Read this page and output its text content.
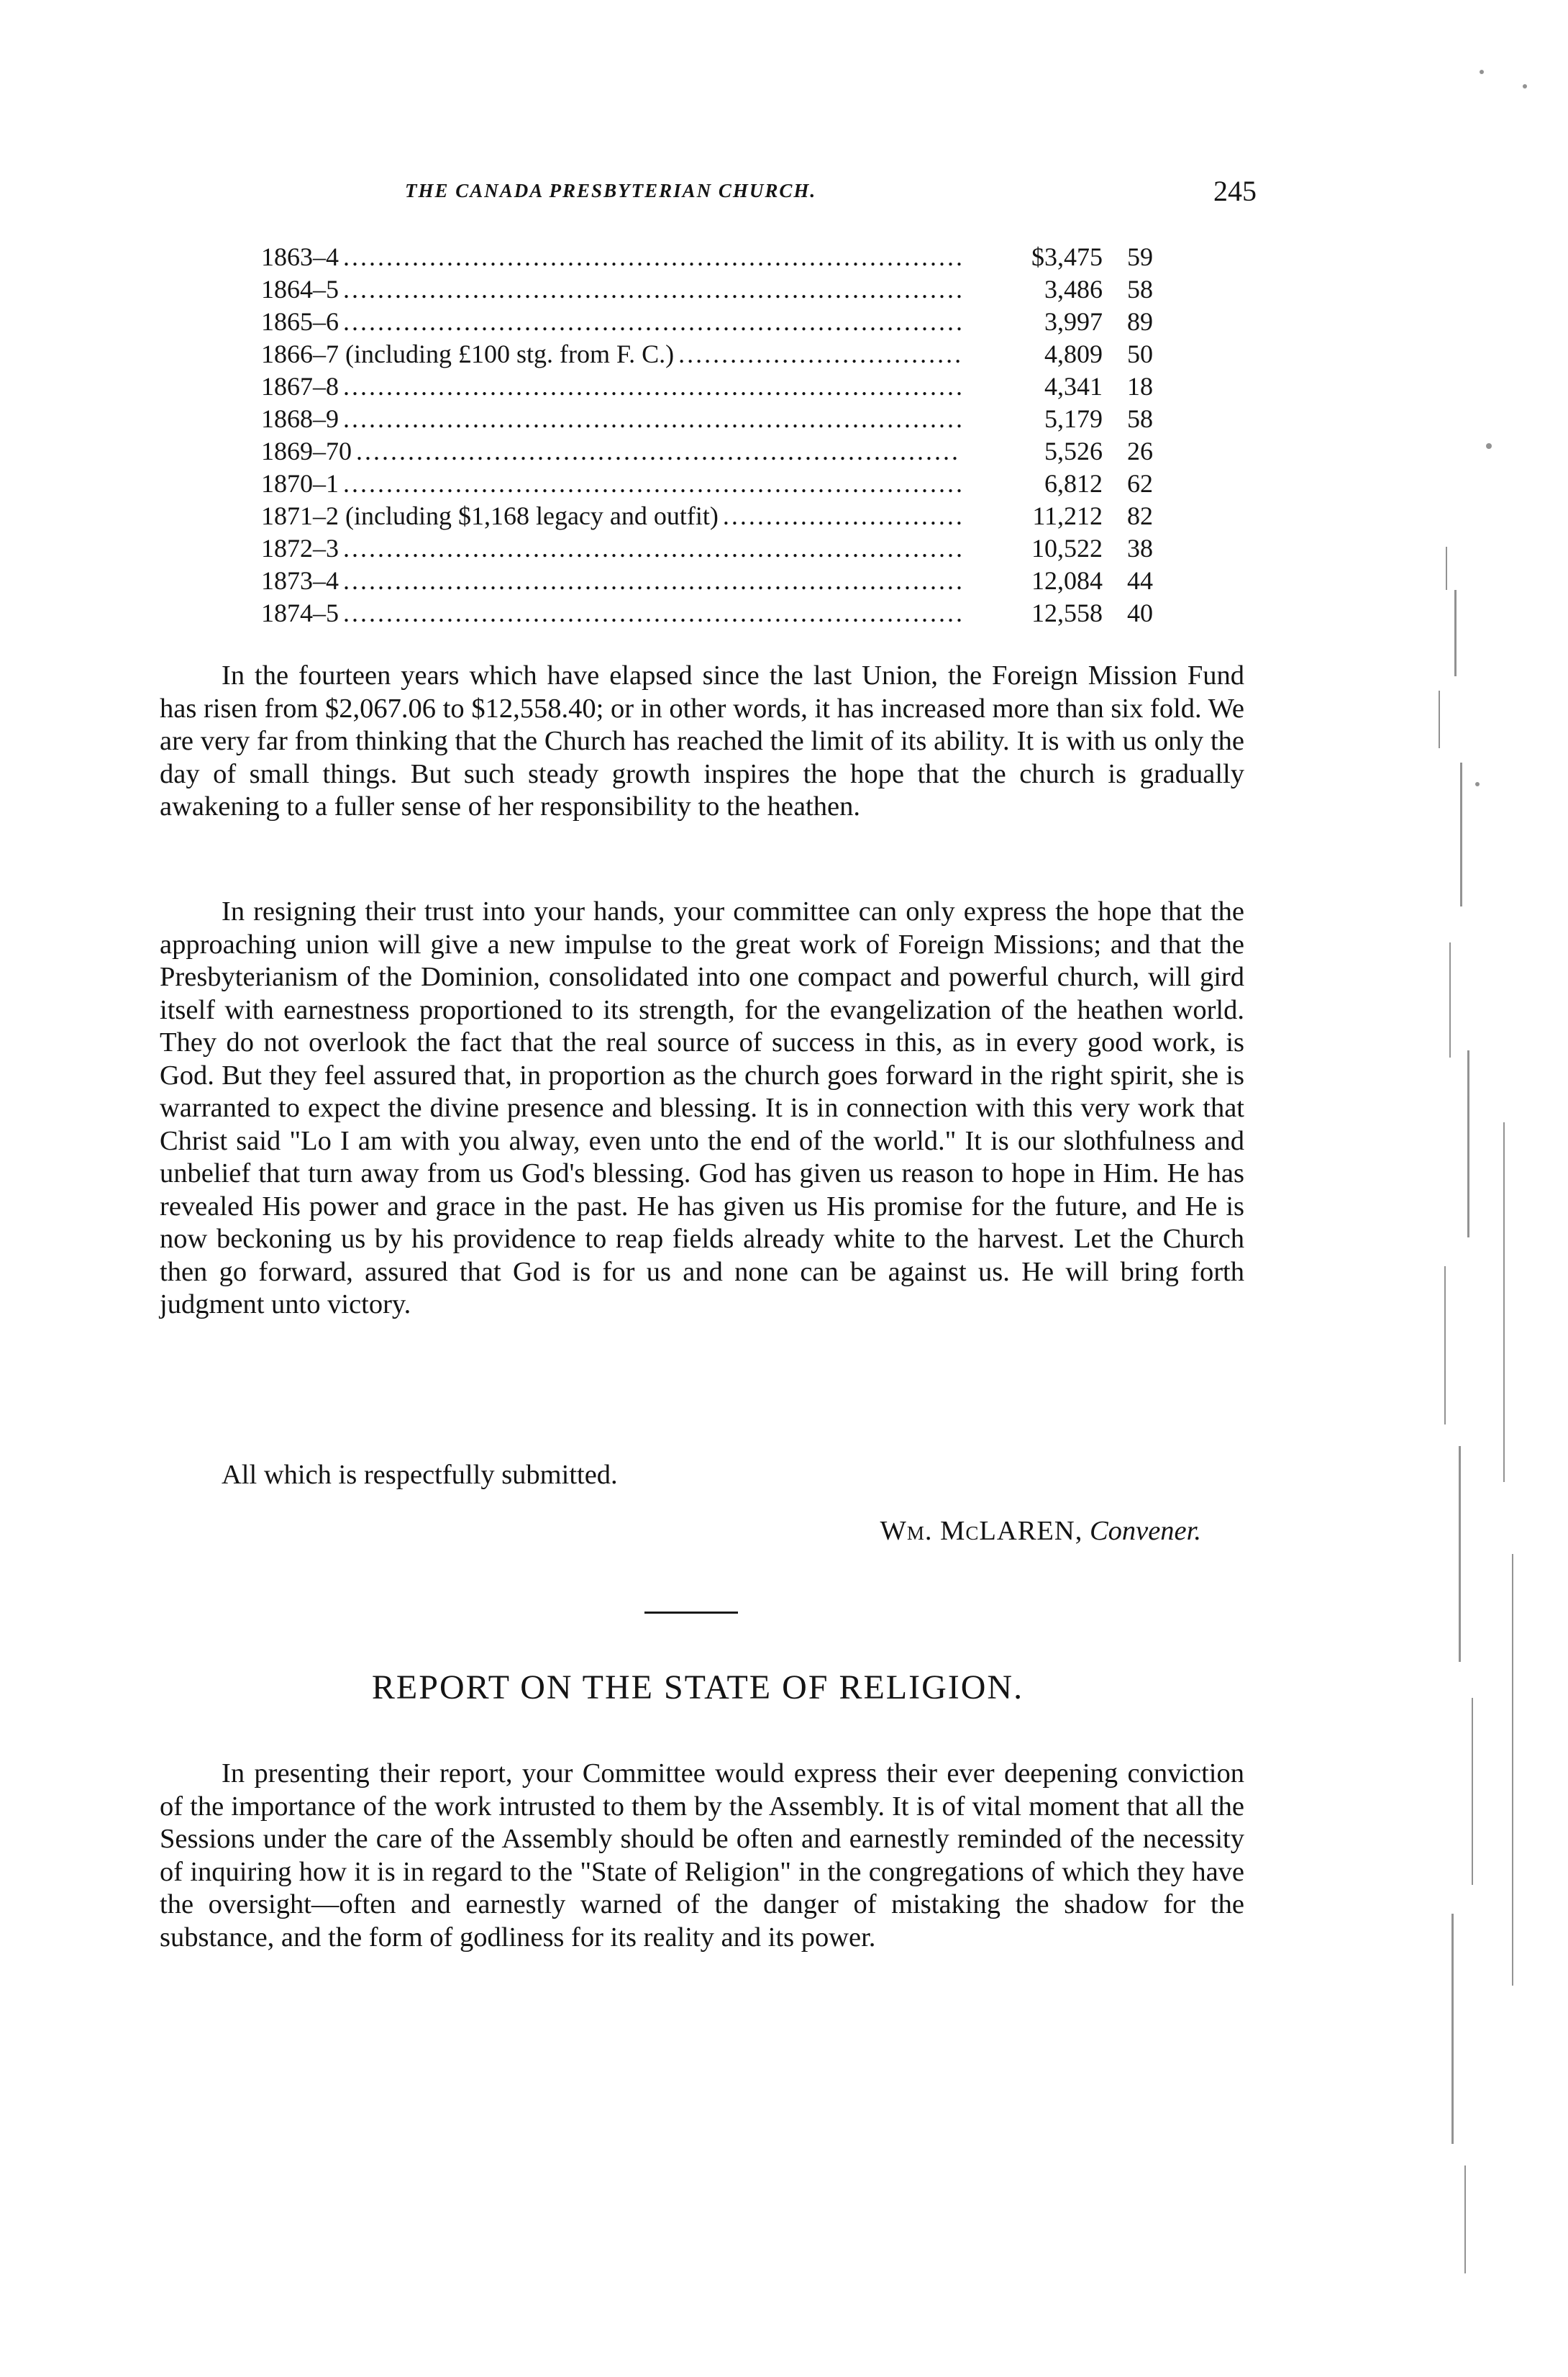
THE CANADA PRESBYTERIAN CHURCH.	245
1863–4 .....	$3,475 59
1864–5 .....	3,486 58
1865–6 .....	3,997 89
1866–7 (including £100 stg. from F. C.) .....	4,809 50
1867–8 .....	4,341 18
1868–9 .....	5,179 58
1869–70 .....	5,526 26
1870–1 .....	6,812 62
1871–2 (including $1,168 legacy and outfit) .....	11,212 82
1872–3 .....	10,522 38
1873–4 .....	12,084 44
1874–5 .....	12,558 40

In the fourteen years which have elapsed since the last Union, the Foreign Mission Fund has risen from $2,067.06 to $12,558.40; or in other words, it has increased more than six fold. We are very far from thinking that the Church has reached the limit of its ability. It is with us only the day of small things. But such steady growth inspires the hope that the church is gradually awakening to a fuller sense of her responsibility to the heathen.

In resigning their trust into your hands, your committee can only express the hope that the approaching union will give a new impulse to the great work of Foreign Missions; and that the Presbyterianism of the Dominion, consolidated into one compact and powerful church, will gird itself with earnestness proportioned to its strength, for the evangelization of the heathen world. They do not overlook the fact that the real source of success in this, as in every good work, is God. But they feel assured that, in proportion as the church goes forward in the right spirit, she is warranted to expect the divine presence and blessing. It is in connection with this very work that Christ said "Lo I am with you alway, even unto the end of the world." It is our slothfulness and unbelief that turn away from us God's blessing. God has given us reason to hope in Him. He has revealed His power and grace in the past. He has given us His promise for the future, and He is now beckoning us by his providence to reap fields already white to the harvest. Let the Church then go forward, assured that God is for us and none can be against us. He will bring forth judgment unto victory.

All which is respectfully submitted.
Wm. McLAREN, Convener.
REPORT ON THE STATE OF RELIGION.

In presenting their report, your Committee would express their ever deepening conviction of the importance of the work intrusted to them by the Assembly. It is of vital moment that all the Sessions under the care of the Assembly should be often and earnestly reminded of the necessity of inquiring how it is in regard to the "State of Religion" in the congregations of which they have the oversight—often and earnestly warned of the danger of mistaking the shadow for the substance, and the form of godliness for its reality and its power.
